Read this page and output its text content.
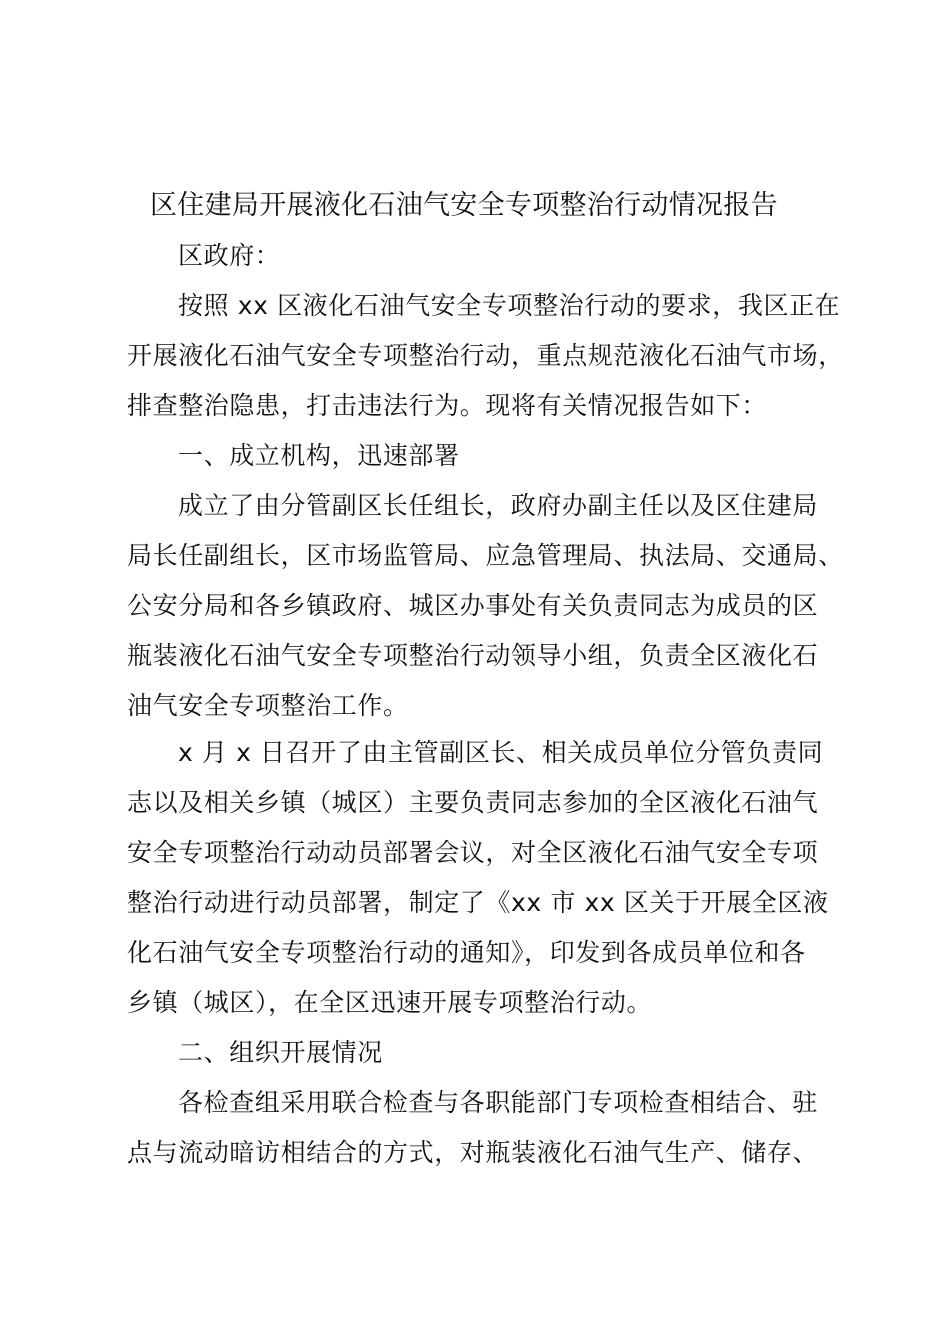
区住建局开展液化石油气安全专项整治行动情况报告
区政府：
按照 xx 区液化石油气安全专项整治行动的要求，我区正在
开展液化石油气安全专项整治行动，重点规范液化石油气市场，
排查整治隐患，打击违法行为。现将有关情况报告如下：
一、成立机构，迅速部署
成立了由分管副区长任组长，政府办副主任以及区住建局
局长任副组长，区市场监管局、应急管理局、执法局、交通局、
公安分局和各乡镇政府、城区办事处有关负责同志为成员的区
瓶装液化石油气安全专项整治行动领导小组，负责全区液化石
油气安全专项整治工作。
x 月 x 日召开了由主管副区长、相关成员单位分管负责同
志以及相关乡镇（城区）主要负责同志参加的全区液化石油气
安全专项整治行动动员部署会议，对全区液化石油气安全专项
整治行动进行动员部署，制定了《xx 市 xx 区关于开展全区液
化石油气安全专项整治行动的通知》，印发到各成员单位和各
乡镇（城区），在全区迅速开展专项整治行动。
二、组织开展情况
各检查组采用联合检查与各职能部门专项检查相结合、驻
点与流动暗访相结合的方式，对瓶装液化石油气生产、储存、
